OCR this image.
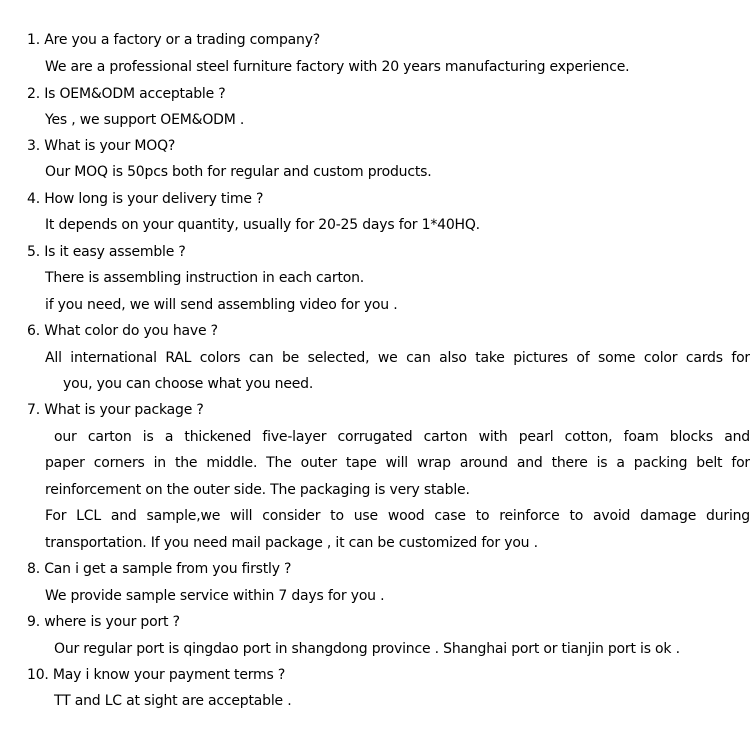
1. Are you a factory or a trading company?
We are a professional steel furniture factory with 20 years manufacturing experience.
2. Is OEM&ODM acceptable ?
Yes , we support OEM&ODM .
3. What is your MOQ?
Our MOQ is 50pcs both for regular and custom products.
4. How long is your delivery time ?
It depends on your quantity, usually for 20-25 days for 1*40HQ.
5. Is it easy assemble ?
There is assembling instruction in each carton.
if you need, we will send assembling video for you .
6. What color do you have ?
All international RAL colors can be selected, we can also take pictures of some color cards for
you, you can choose what you need.
7. What is your package ?
our carton is a thickened five-layer corrugated carton with pearl cotton, foam blocks and
paper corners in the middle. The outer tape will wrap around and there is a packing belt for
reinforcement on the outer side. The packaging is very stable.
For LCL and sample,we will consider to use wood case to reinforce to avoid damage during
transportation. If you need mail package , it can be customized for you .
8. Can i get a sample from you firstly ?
We provide sample service within 7 days for you .
9. where is your port ?
Our regular port is qingdao port in shangdong province . Shanghai port or tianjin port is ok .
10. May i know your payment terms ?
TT and LC at sight are acceptable .
